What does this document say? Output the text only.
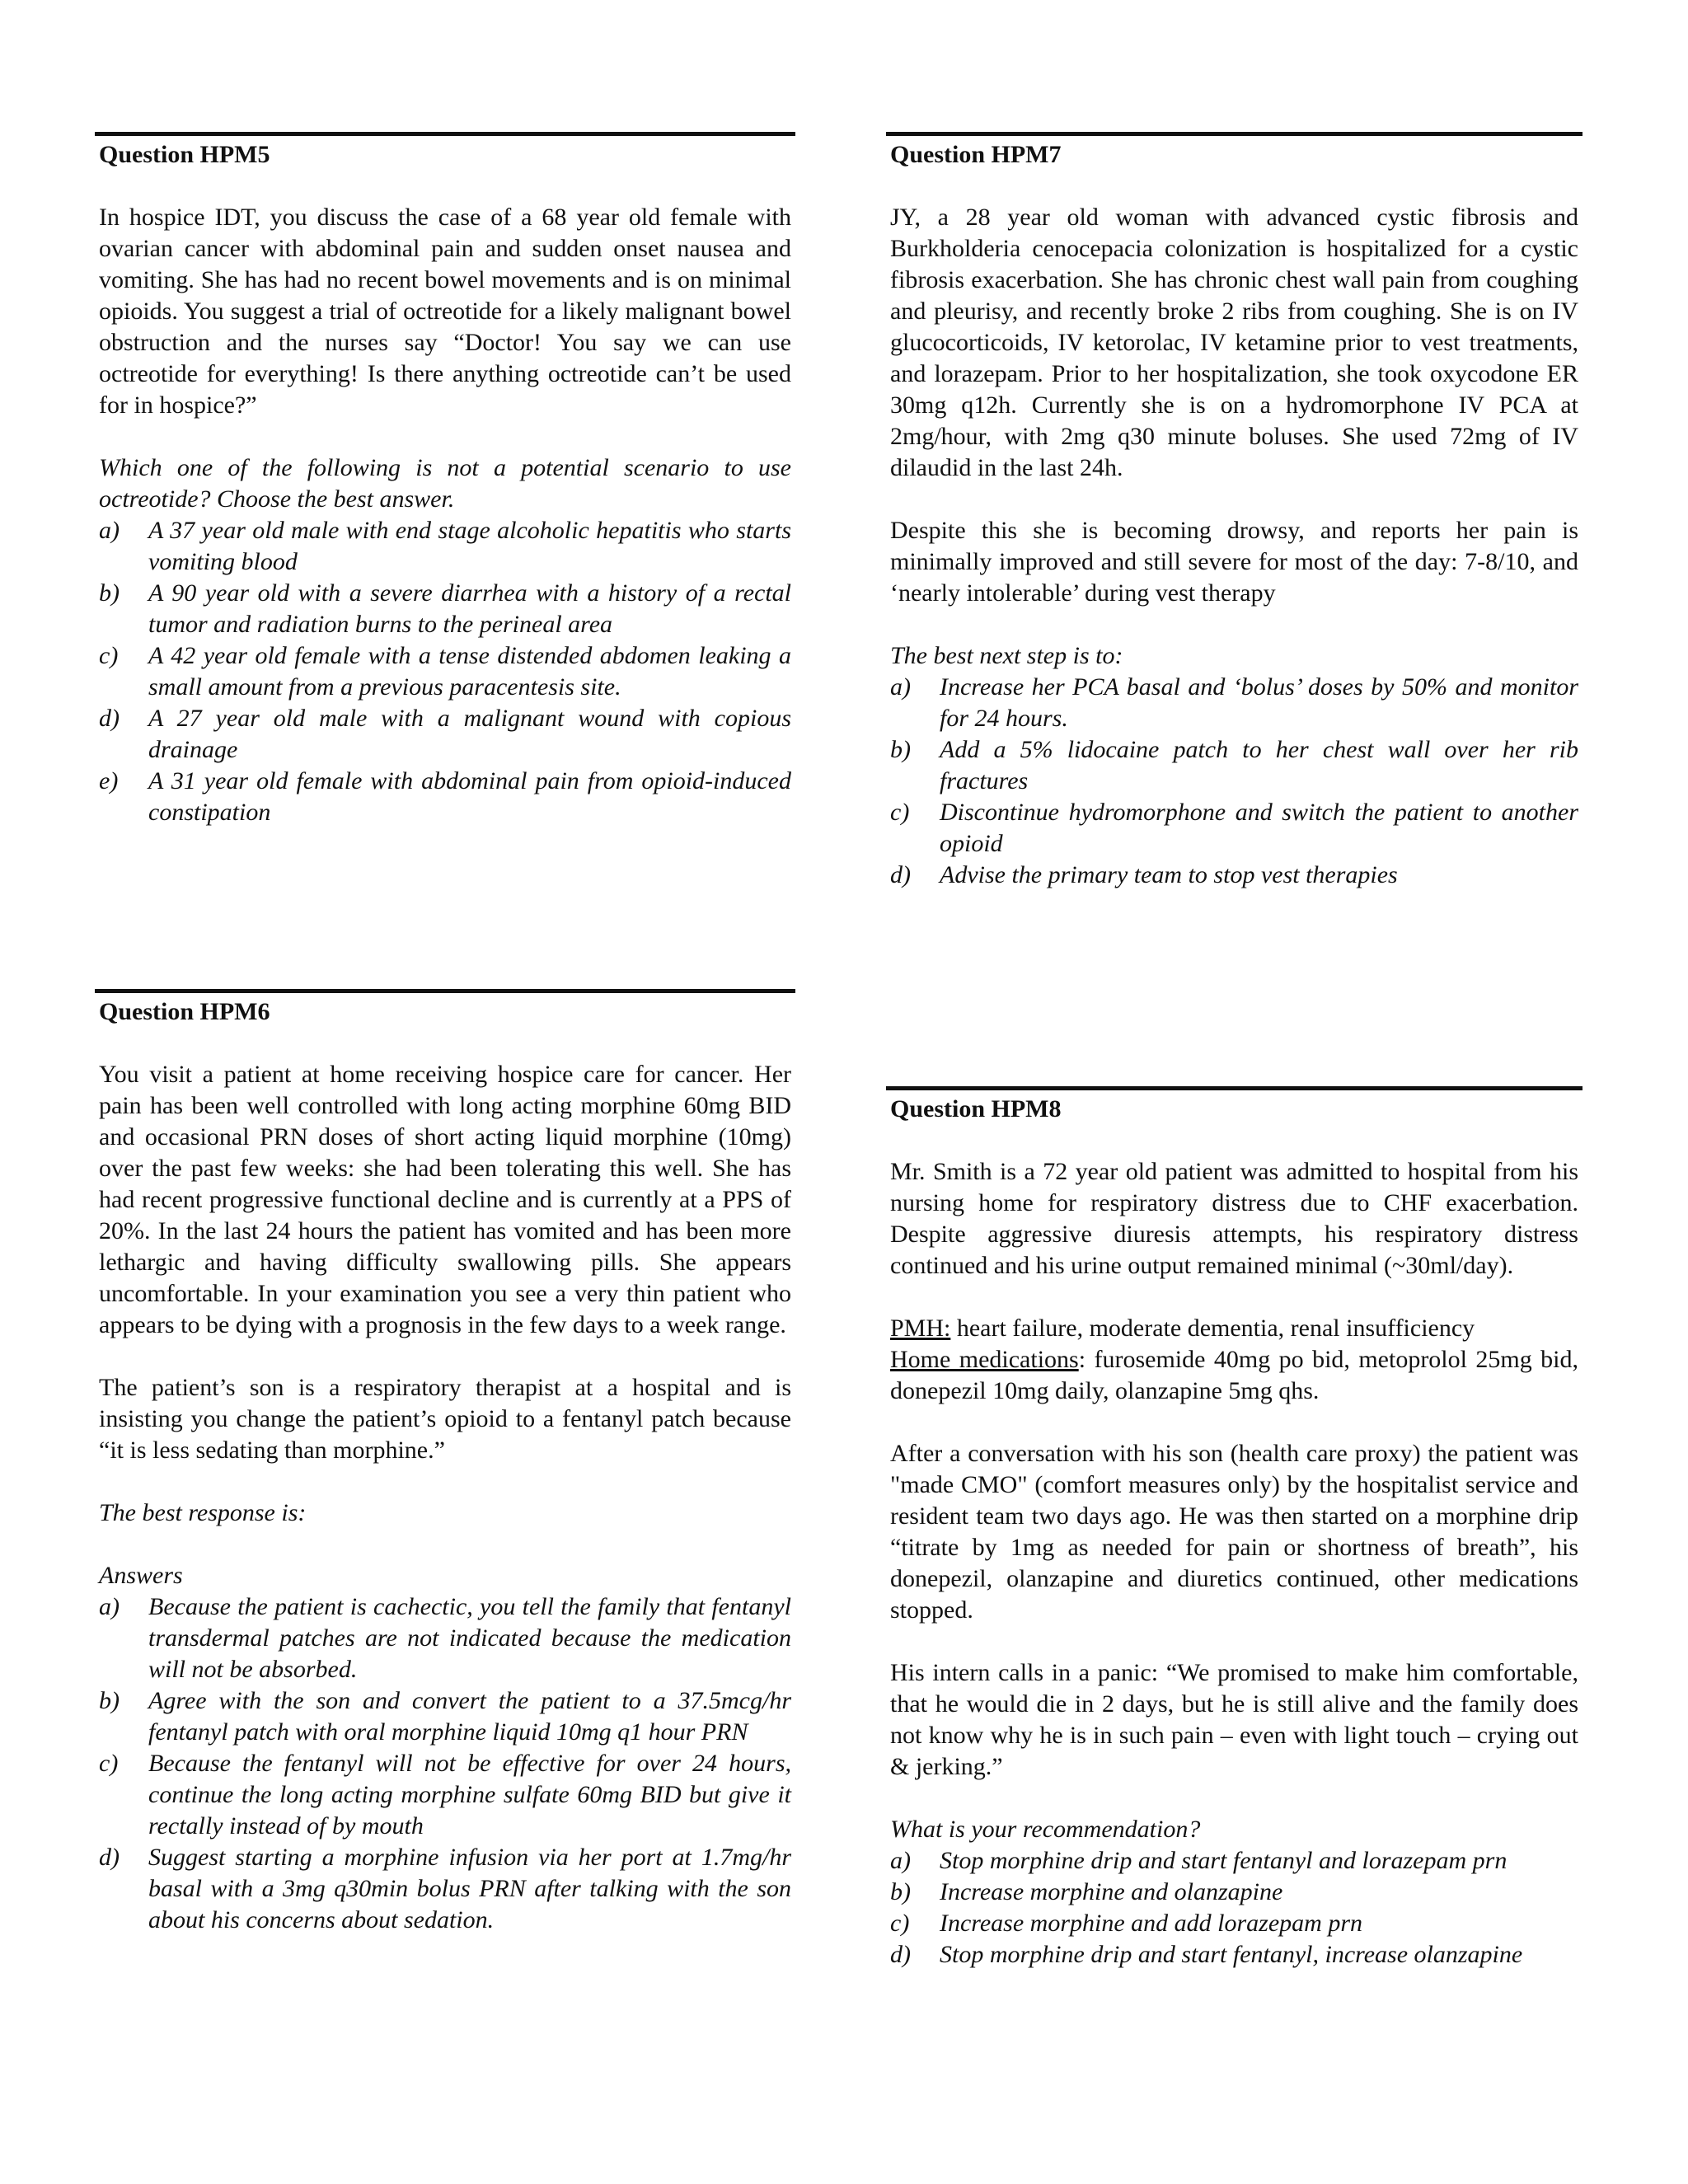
Question HPM5

In hospice IDT, you discuss the case of a 68 year old female with ovarian cancer with abdominal pain and sudden onset nausea and vomiting. She has had no recent bowel movements and is on minimal opioids. You suggest a trial of octreotide for a likely malignant bowel obstruction and the nurses say “Doctor! You say we can use octreotide for everything! Is there anything octreotide can’t be used for in hospice?”

Which one of the following is not a potential scenario to use octreotide? Choose the best answer.

a) A 37 year old male with end stage alcoholic hepatitis who starts vomiting blood
b) A 90 year old with a severe diarrhea with a history of a rectal tumor and radiation burns to the perineal area
c) A 42 year old female with a tense distended abdomen leaking a small amount from a previous paracentesis site.
d) A 27 year old male with a malignant wound with copious drainage
e) A 31 year old female with abdominal pain from opioid-induced constipation
Question HPM6

You visit a patient at home receiving hospice care for cancer. Her pain has been well controlled with long acting morphine 60mg BID and occasional PRN doses of short acting liquid morphine (10mg) over the past few weeks: she had been tolerating this well. She has had recent progressive functional decline and is currently at a PPS of 20%. In the last 24 hours the patient has vomited and has been more lethargic and having difficulty swallowing pills. She appears uncomfortable. In your examination you see a very thin patient who appears to be dying with a prognosis in the few days to a week range.

The patient’s son is a respiratory therapist at a hospital and is insisting you change the patient’s opioid to a fentanyl patch because “it is less sedating than morphine.”

The best response is:

Answers

a) Because the patient is cachectic, you tell the family that fentanyl transdermal patches are not indicated because the medication will not be absorbed.
b) Agree with the son and convert the patient to a 37.5mcg/hr fentanyl patch with oral morphine liquid 10mg q1 hour PRN
c) Because the fentanyl will not be effective for over 24 hours, continue the long acting morphine sulfate 60mg BID but give it rectally instead of by mouth
d) Suggest starting a morphine infusion via her port at 1.7mg/hr basal with a 3mg q30min bolus PRN after talking with the son about his concerns about sedation.
Question HPM7

JY, a 28 year old woman with advanced cystic fibrosis and Burkholderia cenocepacia colonization is hospitalized for a cystic fibrosis exacerbation. She has chronic chest wall pain from coughing and pleurisy, and recently broke 2 ribs from coughing. She is on IV glucocorticoids, IV ketorolac, IV ketamine prior to vest treatments, and lorazepam. Prior to her hospitalization, she took oxycodone ER 30mg q12h. Currently she is on a hydromorphone IV PCA at 2mg/hour, with 2mg q30 minute boluses. She used 72mg of IV dilaudid in the last 24h.

Despite this she is becoming drowsy, and reports her pain is minimally improved and still severe for most of the day: 7-8/10, and ‘nearly intolerable’ during vest therapy

The best next step is to:

a) Increase her PCA basal and ‘bolus’ doses by 50% and monitor for 24 hours.
b) Add a 5% lidocaine patch to her chest wall over her rib fractures
c) Discontinue hydromorphone and switch the patient to another opioid
d) Advise the primary team to stop vest therapies
Question HPM8

Mr. Smith is a 72 year old patient was admitted to hospital from his nursing home for respiratory distress due to CHF exacerbation. Despite aggressive diuresis attempts, his respiratory distress continued and his urine output remained minimal (~30ml/day).

PMH: heart failure, moderate dementia, renal insufficiency

Home medications: furosemide 40mg po bid, metoprolol 25mg bid, donepezil 10mg daily, olanzapine 5mg qhs.

After a conversation with his son (health care proxy) the patient was "made CMO" (comfort measures only) by the hospitalist service and resident team two days ago. He was then started on a morphine drip “titrate by 1mg as needed for pain or shortness of breath”, his donepezil, olanzapine and diuretics continued, other medications stopped.

His intern calls in a panic: “We promised to make him comfortable, that he would die in 2 days, but he is still alive and the family does not know why he is in such pain – even with light touch – crying out & jerking.”

What is your recommendation?

a) Stop morphine drip and start fentanyl and lorazepam prn
b) Increase morphine and olanzapine
c) Increase morphine and add lorazepam prn
d) Stop morphine drip and start fentanyl, increase olanzapine
